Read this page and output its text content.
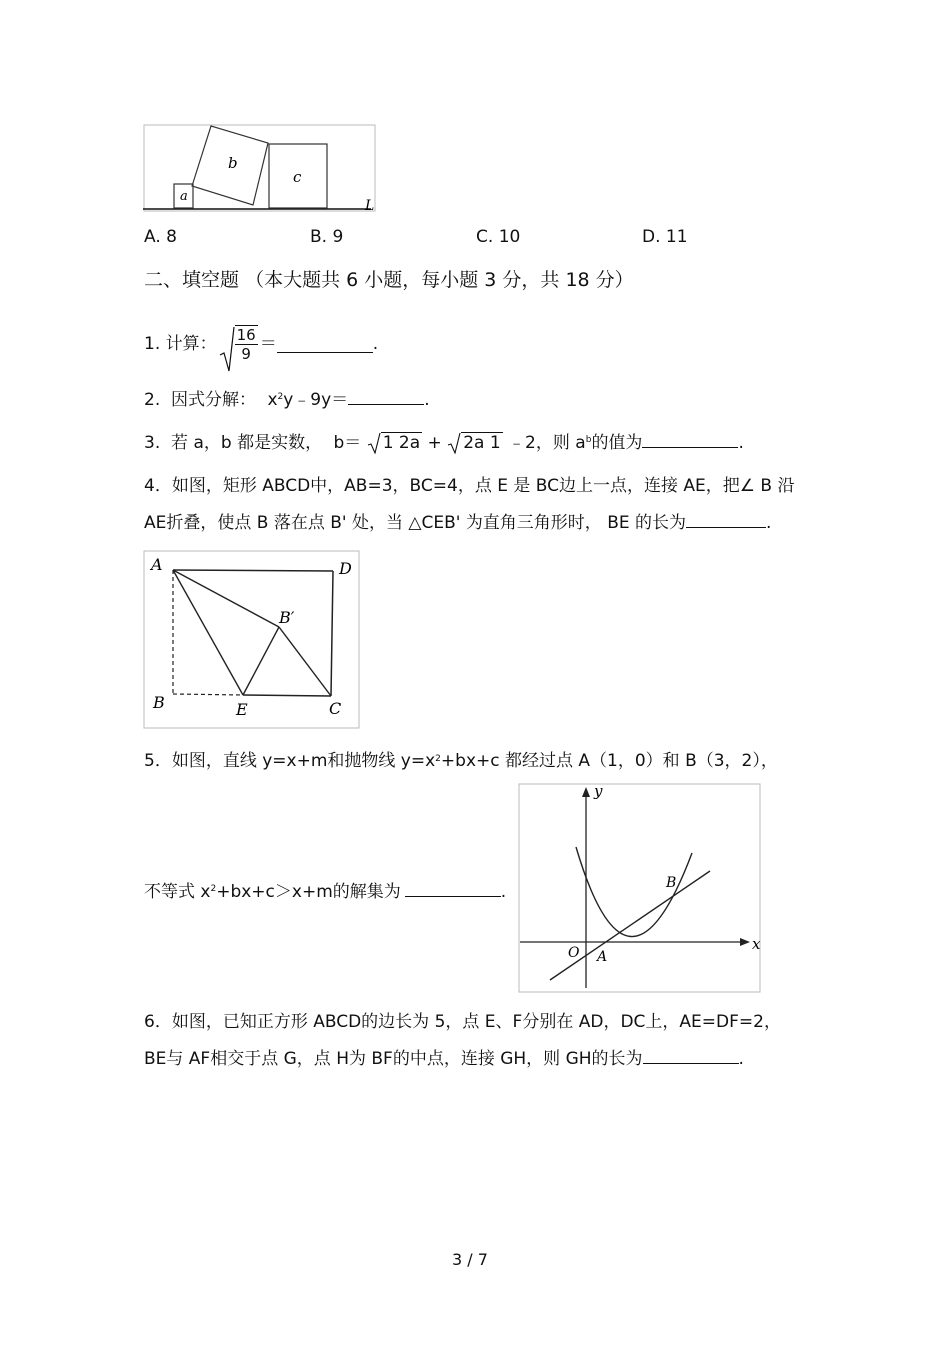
a
b
c
L
A. 8	B. 9	C. 10	D. 11
二、填空题 （本大题共 6 小题，每小题 3 分，共 18 分）
1.
计算： $\frac{16}{9}$ ＝	.
2. 因式分解： $x^2y﹣9y=$	.
3. 若 a，b 都是实数， b＝ 1 2a + 2a 1 ﹣2，则 $a^b$的值为	.
4．如图，矩形 ABCD中，AB=3，BC=4，点 E 是 BC边上一点，连接 AE，把∠ B 沿
AE折叠，使点 B 落在点 B' 处，当 △CEB' 为直角三角形时， BE 的长为	.
A	D
B	C
E
B′
5．如图，直线 y=x+m和抛物线 $y=x^2+bx+c$ 都经过点 A（1，0）和 B（3，2），
不等式 $x^2+bx+c>x+m$的解集为	.
x
y
O A
B
6．如图，已知正方形 ABCD的边长为 5，点 E、F分别在 AD，DC上，AE=DF=2，
BE与 AF相交于点 G，点 H为 BF的中点，连接 GH，则 GH的长为	.
3 / 7
